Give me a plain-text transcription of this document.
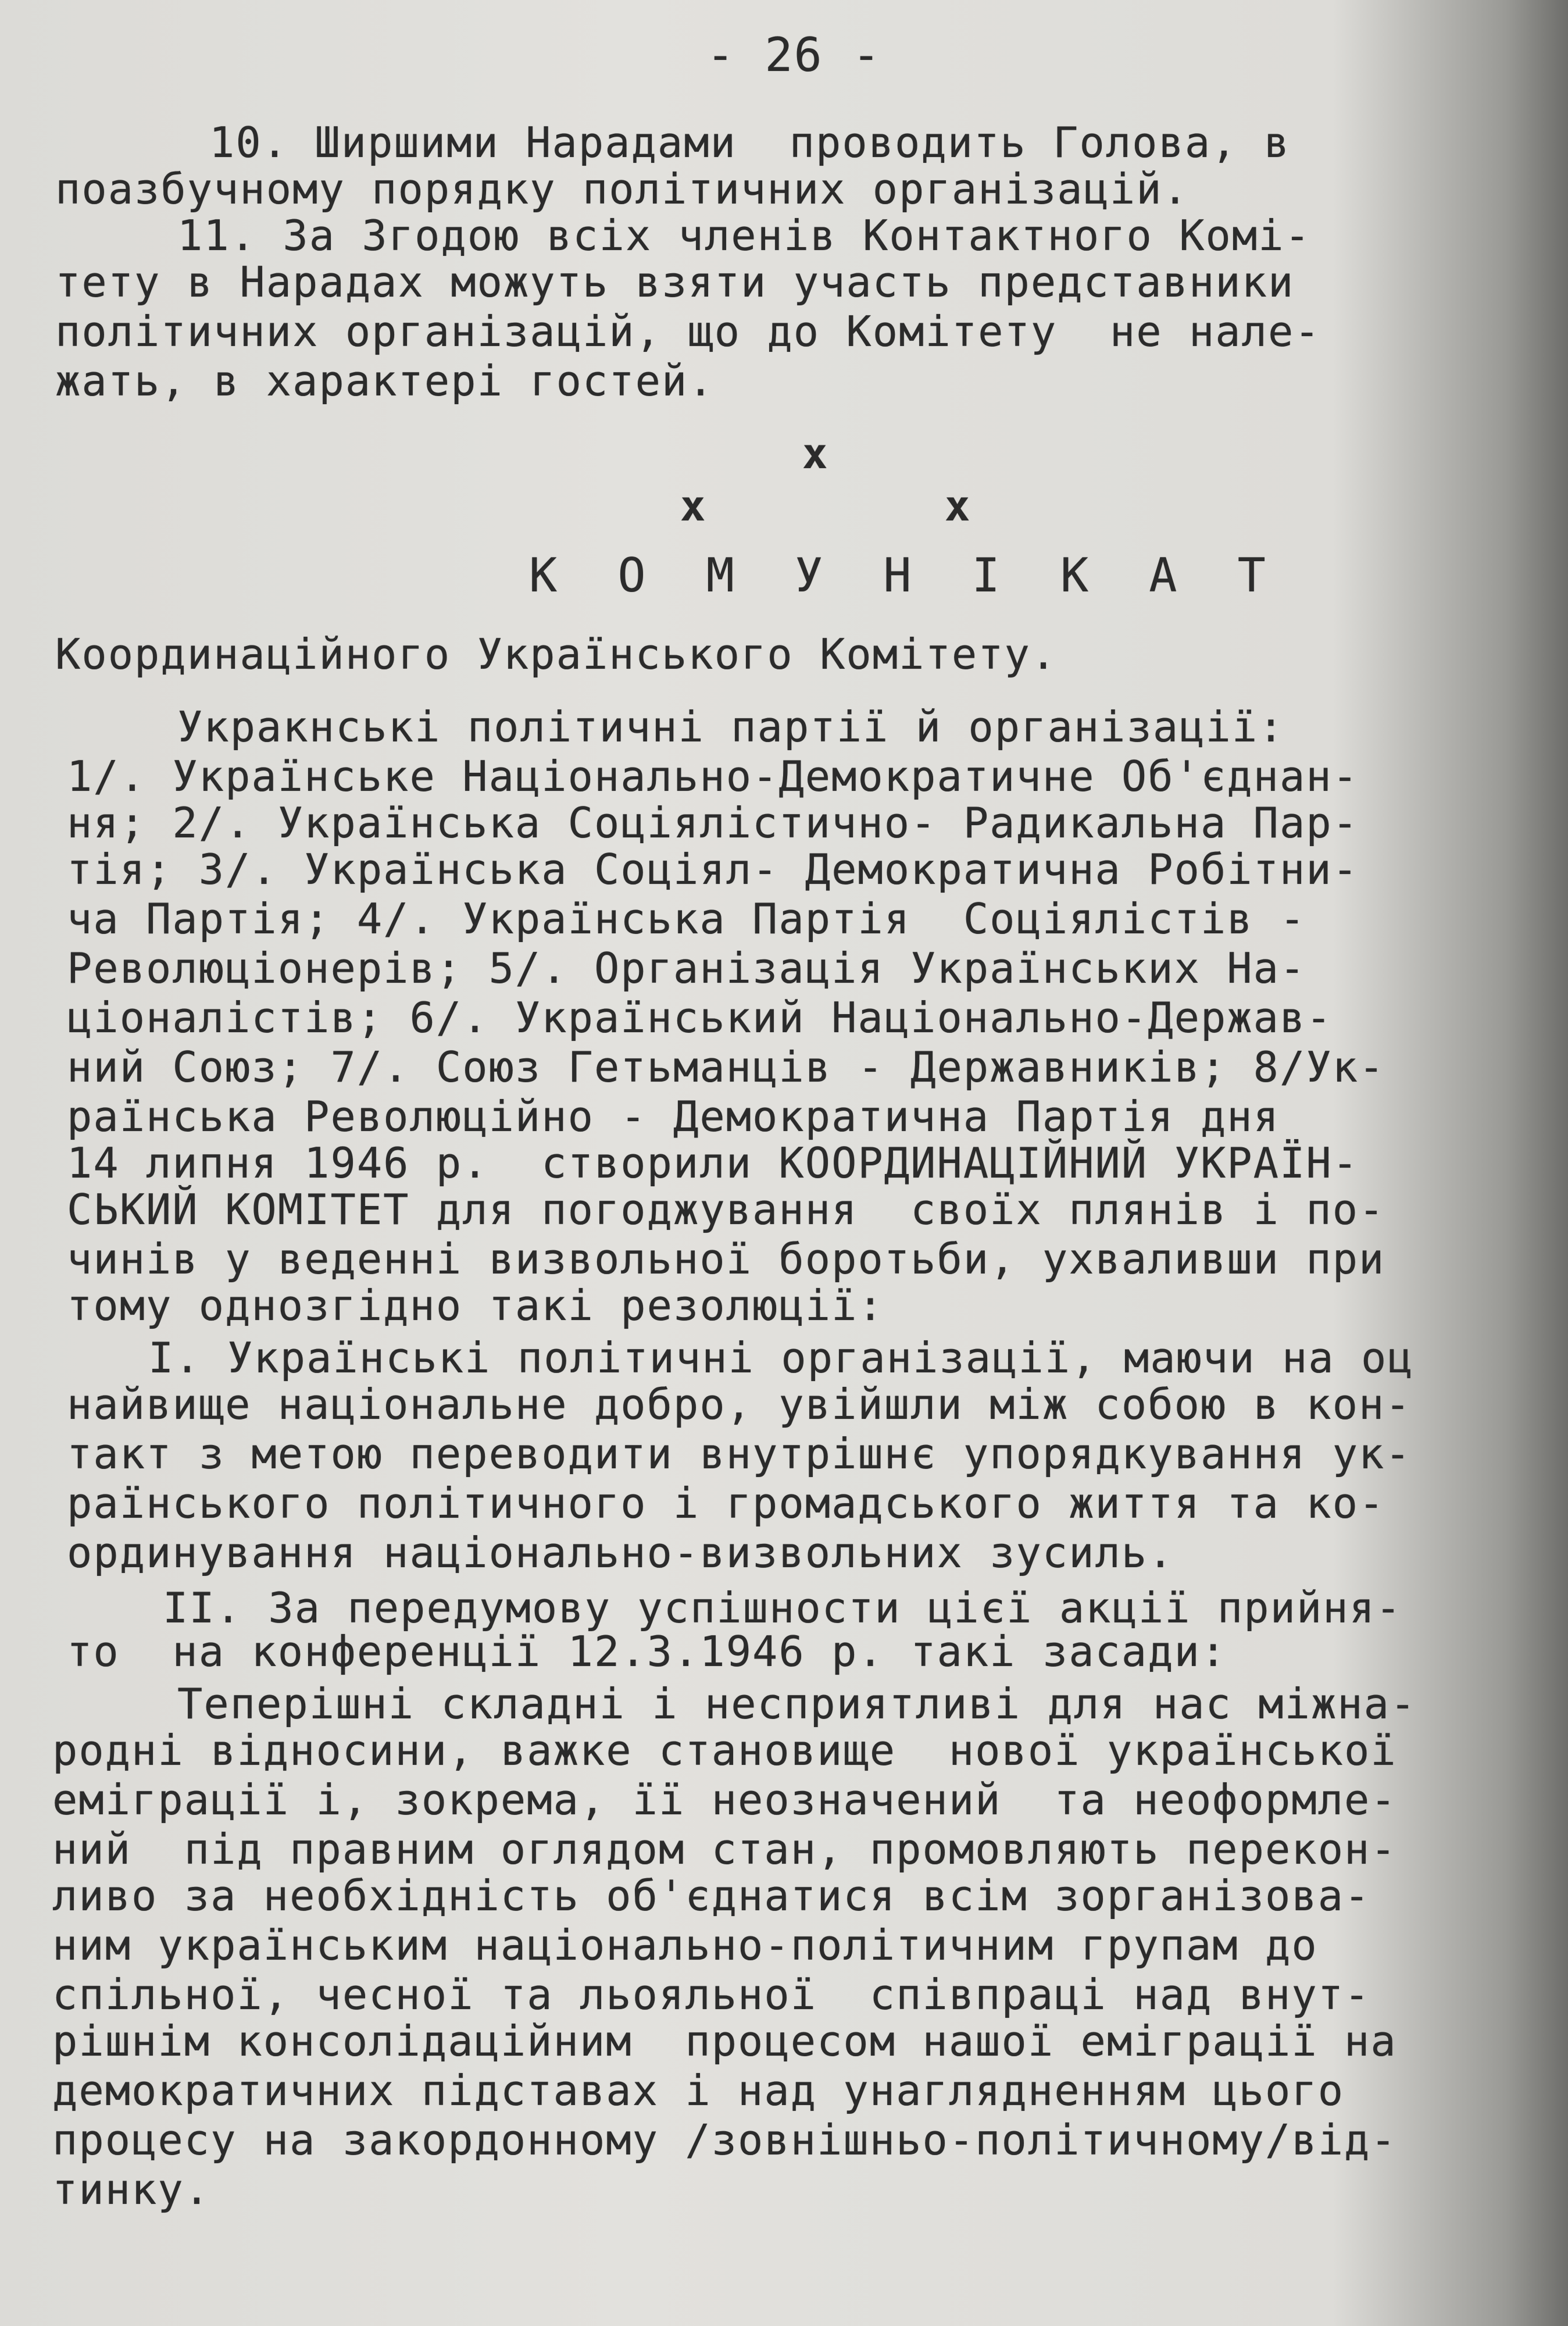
- 26 -
10. Ширшими Нарадами  проводить Голова, в
поазбучному порядку політичних організацій.
11. За Згодою всіх членів Контактного Комі-
тету в Нарадах можуть взяти участь представники
політичних організацій, що до Комітету  не нале-
жать, в характері гостей.
x
x	x
К О М У Н І К А Т
Координаційного Українського Комітету.
Укракнські політичні партії й організації:
1/. Українське Національно-Демократичне Об'єднан-
ня; 2/. Українська Соціялістично- Радикальна Пар-
тія; 3/. Українська Соціял- Демократична Робітни-
ча Партія; 4/. Українська Партія  Соціялістів -
Революціонерів; 5/. Організація Українських На-
ціоналістів; 6/. Український Національно-Держав-
ний Союз; 7/. Союз Гетьманців - Державників; 8/Ук-
раїнська Революційно - Демократична Партія дня
14 липня 1946 р.  створили КООРДИНАЦІЙНИЙ УКРАЇН-
СЬКИЙ КОМІТЕТ для погоджування  своїх плянів і по-
чинів у веденні визвольної боротьби, ухваливши при
тому однозгідно такі резолюції:
І. Українські політичні організації, маючи на оц
найвище національне добро, увійшли між собою в кон-
такт з метою переводити внутрішнє упорядкування ук-
раїнського політичного і громадського життя та ко-
ординування національно-визвольних зусиль.
ІІ. За передумову успішности цієї акції прийня-
то  на конференції 12.3.1946 р. такі засади:
Теперішні складні і несприятливі для нас міжна-
родні відносини, важке становище  нової української
еміграції і, зокрема, її неозначений  та неоформле-
ний  під правним оглядом стан, промовляють перекон-
ливо за необхідність об'єднатися всім зорганізова-
ним українським національно-політичним групам до
спільної, чесної та льояльної  співпраці над внут-
рішнім консолідаційним  процесом нашої еміграції на
демократичних підставах і над унаглядненням цього
процесу на закордонному /зовнішньо-політичному/від-
тинку.
